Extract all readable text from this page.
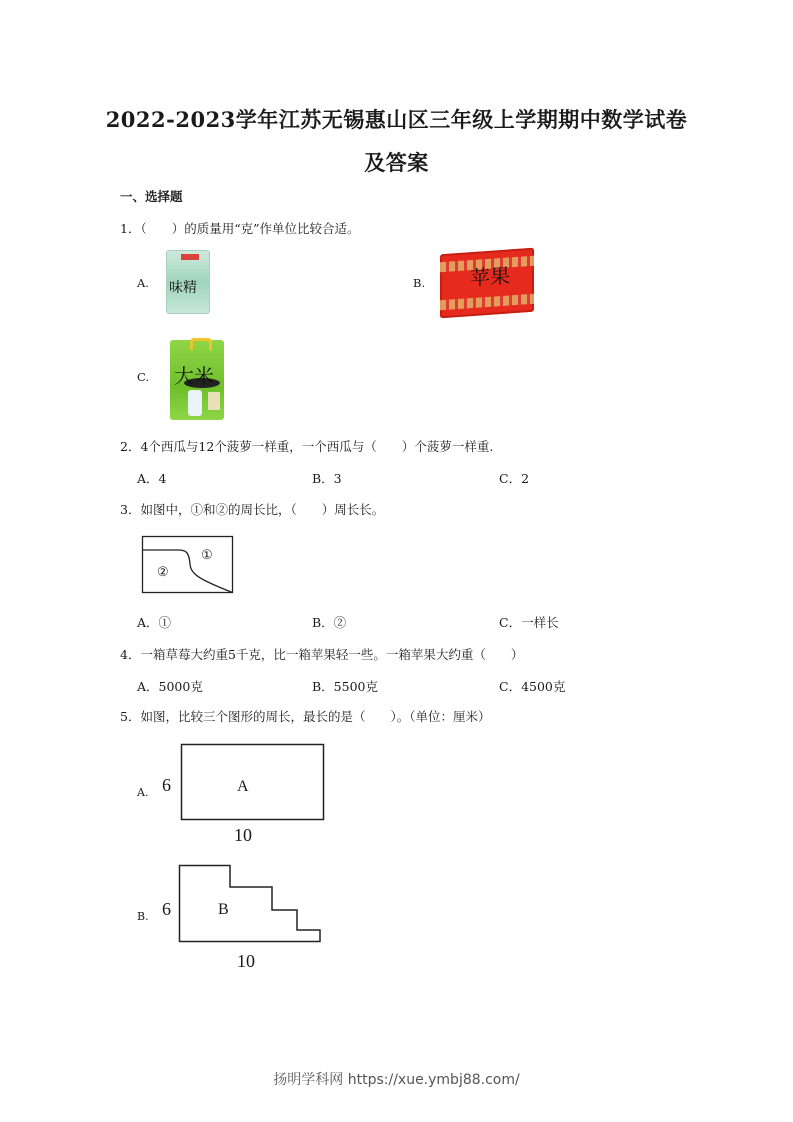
2022-2023学年江苏无锡惠山区三年级上学期期中数学试卷
及答案
一、选择题
1．（　　）的质量用“克”作单位比较合适。
A. 味精	B. 苹果
C. 大米
2．4个西瓜与12个菠萝一样重，一个西瓜与（　　）个菠萝一样重.
A．4	B．3	C．2
3．如图中，①和②的周长比，（　　）周长长。
①
②
A．①	B．②	C．一样长
4．一箱草莓大约重5千克，比一箱苹果轻一些。一箱苹果大约重（　　）
A．5000克	B．5500克	C．4500克
5．如图，比较三个图形的周长，最长的是（　　）。（单位：厘米）
A. 6	A
10
B. 6	B
10
扬明学科网 https://xue.ymbj88.com/
